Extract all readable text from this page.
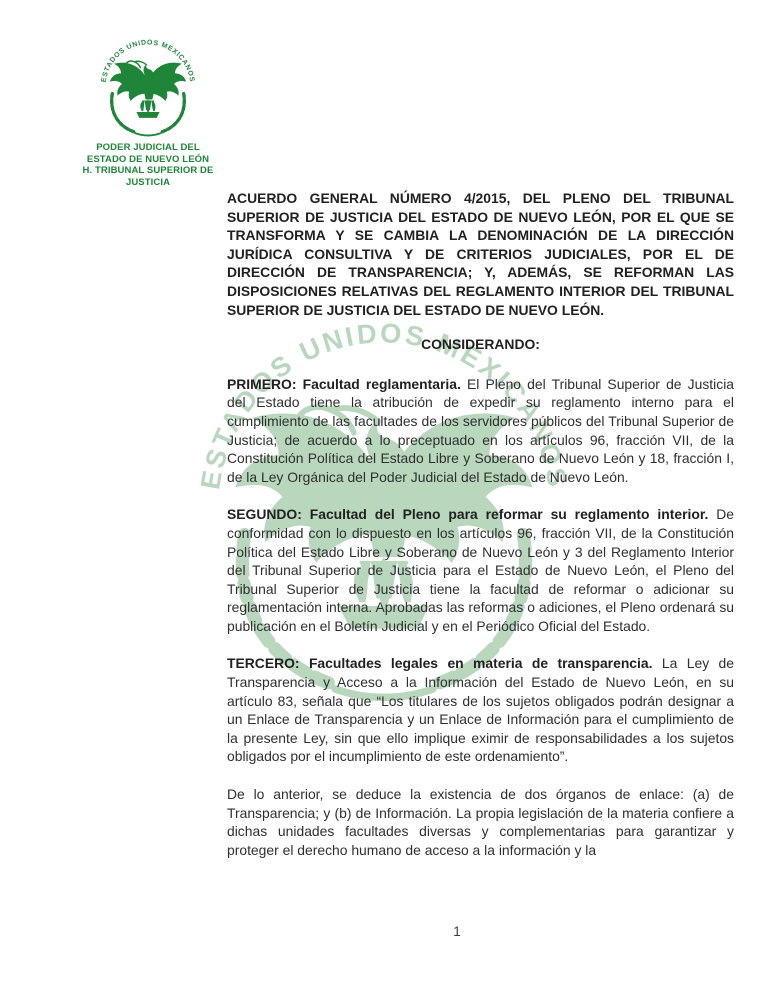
PODER JUDICIAL DEL
ESTADO DE NUEVO LEÓN
H. TRIBUNAL SUPERIOR DE
JUSTICIA

ACUERDO GENERAL NÚMERO 4/2015, DEL PLENO DEL TRIBUNAL SUPERIOR DE JUSTICIA DEL ESTADO DE NUEVO LEÓN, POR EL QUE SE TRANSFORMA Y SE CAMBIA LA DENOMINACIÓN DE LA DIRECCIÓN JURÍDICA CONSULTIVA Y DE CRITERIOS JUDICIALES, POR EL DE DIRECCIÓN DE TRANSPARENCIA; Y, ADEMÁS, SE REFORMAN LAS DISPOSICIONES RELATIVAS DEL REGLAMENTO INTERIOR DEL TRIBUNAL SUPERIOR DE JUSTICIA DEL ESTADO DE NUEVO LEÓN.

CONSIDERANDO:

PRIMERO: Facultad reglamentaria. El Pleno del Tribunal Superior de Justicia del Estado tiene la atribución de expedir su reglamento interno para el cumplimiento de las facultades de los servidores públicos del Tribunal Superior de Justicia; de acuerdo a lo preceptuado en los artículos 96, fracción VII, de la Constitución Política del Estado Libre y Soberano de Nuevo León y 18, fracción I, de la Ley Orgánica del Poder Judicial del Estado de Nuevo León.

SEGUNDO: Facultad del Pleno para reformar su reglamento interior. De conformidad con lo dispuesto en los artículos 96, fracción VII, de la Constitución Política del Estado Libre y Soberano de Nuevo León y 3 del Reglamento Interior del Tribunal Superior de Justicia para el Estado de Nuevo León, el Pleno del Tribunal Superior de Justicia tiene la facultad de reformar o adicionar su reglamentación interna. Aprobadas las reformas o adiciones, el Pleno ordenará su publicación en el Boletín Judicial y en el Periódico Oficial del Estado.

TERCERO: Facultades legales en materia de transparencia. La Ley de Transparencia y Acceso a la Información del Estado de Nuevo León, en su artículo 83, señala que “Los titulares de los sujetos obligados podrán designar a un Enlace de Transparencia y un Enlace de Información para el cumplimiento de la presente Ley, sin que ello implique eximir de responsabilidades a los sujetos obligados por el incumplimiento de este ordenamiento”.

De lo anterior, se deduce la existencia de dos órganos de enlace: (a) de Transparencia; y (b) de Información. La propia legislación de la materia confiere a dichas unidades facultades diversas y complementarias para garantizar y proteger el derecho humano de acceso a la información y la

1
